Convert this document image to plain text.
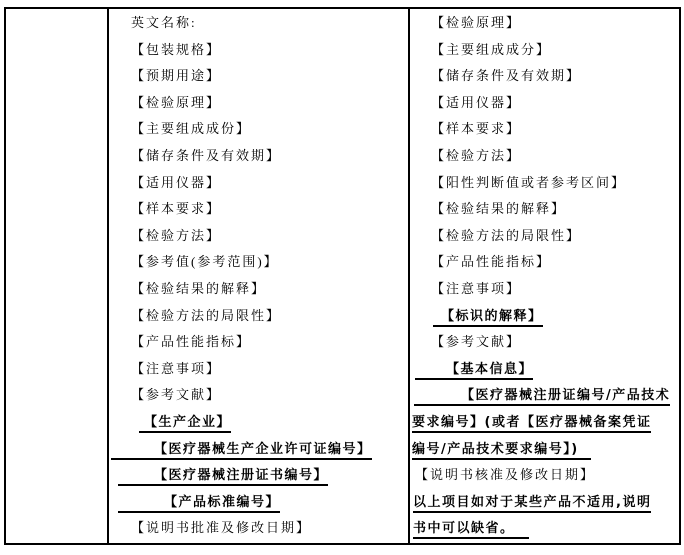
英文名称:
【包装规格】
【预期用途】
【检验原理】
【主要组成成份】
【储存条件及有效期】
【适用仪器】
【样本要求】
【检验方法】
【参考值(参考范围)】
【检验结果的解释】
【检验方法的局限性】
【产品性能指标】
【注意事项】
【参考文献】
【生产企业】
【医疗器械生产企业许可证编号】
【医疗器械注册证书编号】
【产品标准编号】
【说明书批准及修改日期】
【检验原理】
【主要组成成分】
【储存条件及有效期】
【适用仪器】
【样本要求】
【检验方法】
【阳性判断值或者参考区间】
【检验结果的解释】
【检验方法的局限性】
【产品性能指标】
【注意事项】
【标识的解释】
【参考文献】
【基本信息】
【医疗器械注册证编号/产品技术
要求编号】(或者【医疗器械备案凭证
编号/产品技术要求编号】)
【说明书核准及修改日期】
以上项目如对于某些产品不适用,说明
书中可以缺省。
